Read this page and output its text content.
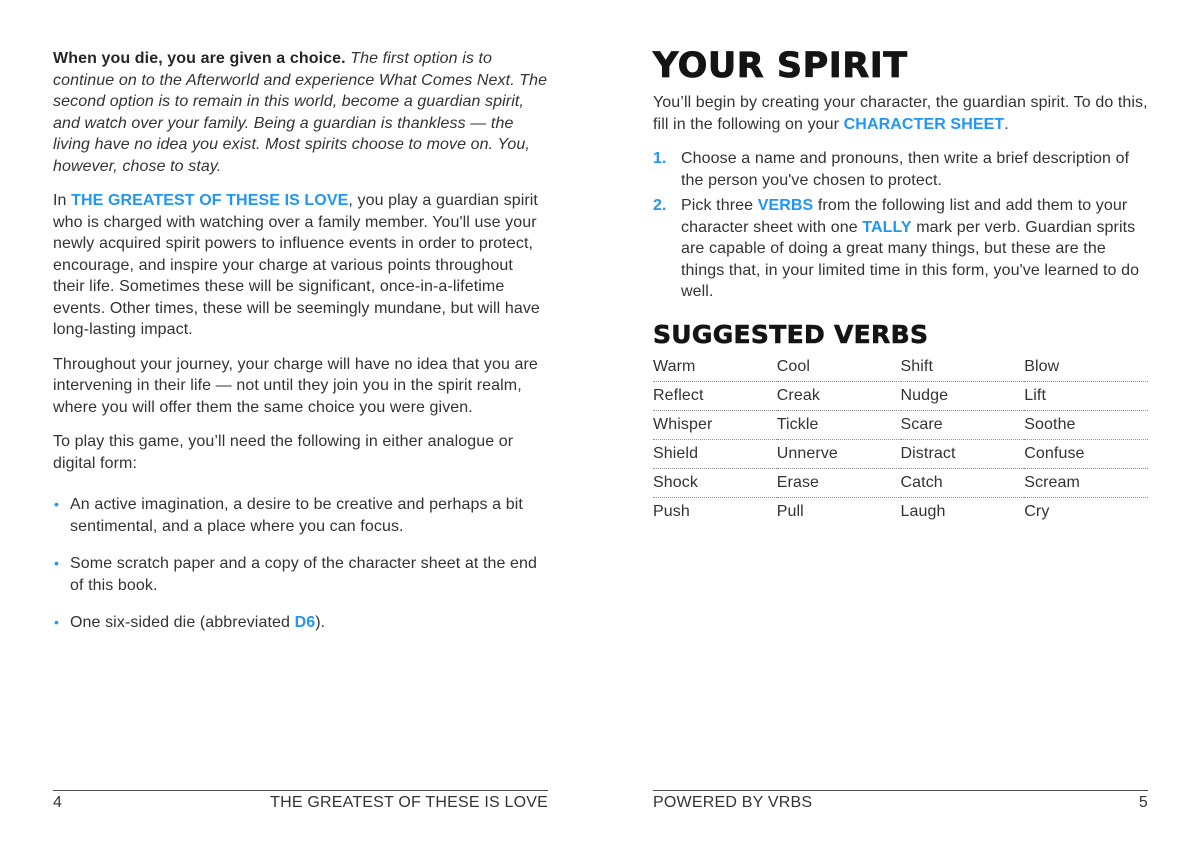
When you die, you are given a choice. The first option is to continue on to the Afterworld and experience What Comes Next. The second option is to remain in this world, become a guardian spirit, and watch over your family. Being a guardian is thankless — the living have no idea you exist. Most spirits choose to move on. You, however, chose to stay.

In THE GREATEST OF THESE IS LOVE, you play a guardian spirit who is charged with watching over a family member. You'll use your newly acquired spirit powers to influence events in order to protect, encourage, and inspire your charge at various points throughout their life. Sometimes these will be significant, once-in-a-lifetime events. Other times, these will be seemingly mundane, but will have long-lasting impact.

Throughout your journey, your charge will have no idea that you are intervening in their life — not until they join you in the spirit realm, where you will offer them the same choice you were given.

To play this game, you’ll need the following in either analogue or digital form:

• An active imagination, a desire to be creative and perhaps a bit sentimental, and a place where you can focus.
• Some scratch paper and a copy of the character sheet at the end of this book.
• One six-sided die (abbreviated D6).
4	THE GREATEST OF THESE IS LOVE
YOUR SPIRIT

You’ll begin by creating your character, the guardian spirit. To do this, fill in the following on your CHARACTER SHEET.

1. Choose a name and pronouns, then write a brief description of the person you've chosen to protect.
2. Pick three VERBS from the following list and add them to your character sheet with one TALLY mark per verb. Guardian sprits are capable of doing a great many things, but these are the things that, in your limited time in this form, you've learned to do well.
SUGGESTED VERBS
Warm	Cool	Shift	Blow
Reflect	Creak	Nudge	Lift
Whisper	Tickle	Scare	Soothe
Shield	Unnerve	Distract	Confuse
Shock	Erase	Catch	Scream
Push	Pull	Laugh	Cry
POWERED BY VRBS	5
